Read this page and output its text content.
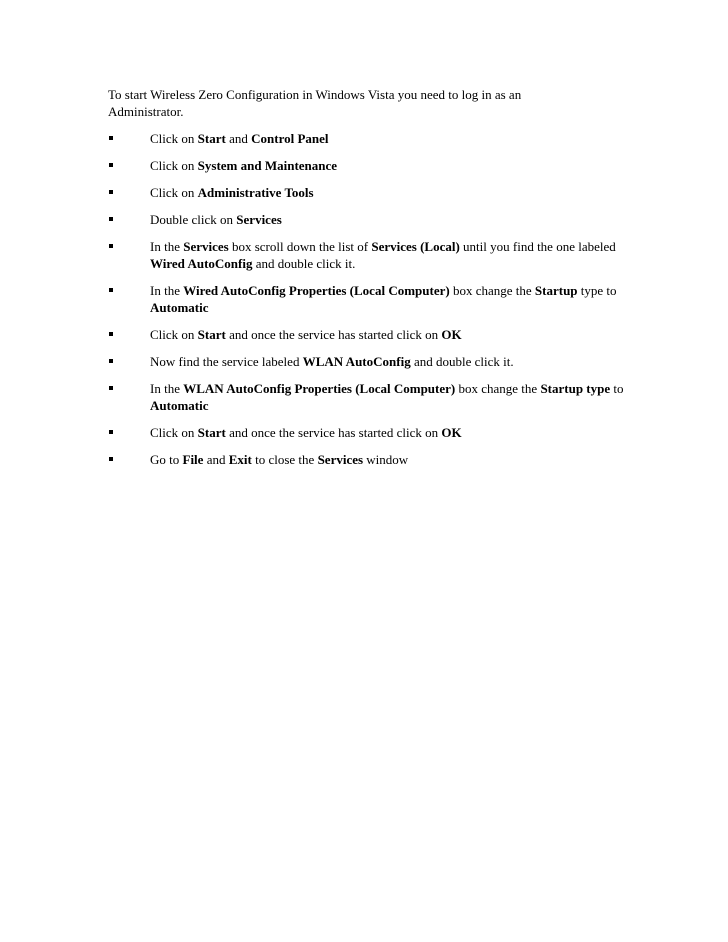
To start Wireless Zero Configuration in Windows Vista you need to log in as an Administrator.

Click on Start and Control Panel
Click on System and Maintenance
Click on Administrative Tools
Double click on Services
In the Services box scroll down the list of Services (Local) until you find the one labeled Wired AutoConfig and double click it.
In the Wired AutoConfig Properties (Local Computer) box change the Startup type to Automatic
Click on Start and once the service has started click on OK
Now find the service labeled WLAN AutoConfig and double click it.
In the WLAN AutoConfig Properties (Local Computer) box change the Startup type to Automatic
Click on Start and once the service has started click on OK
Go to File and Exit to close the Services window
